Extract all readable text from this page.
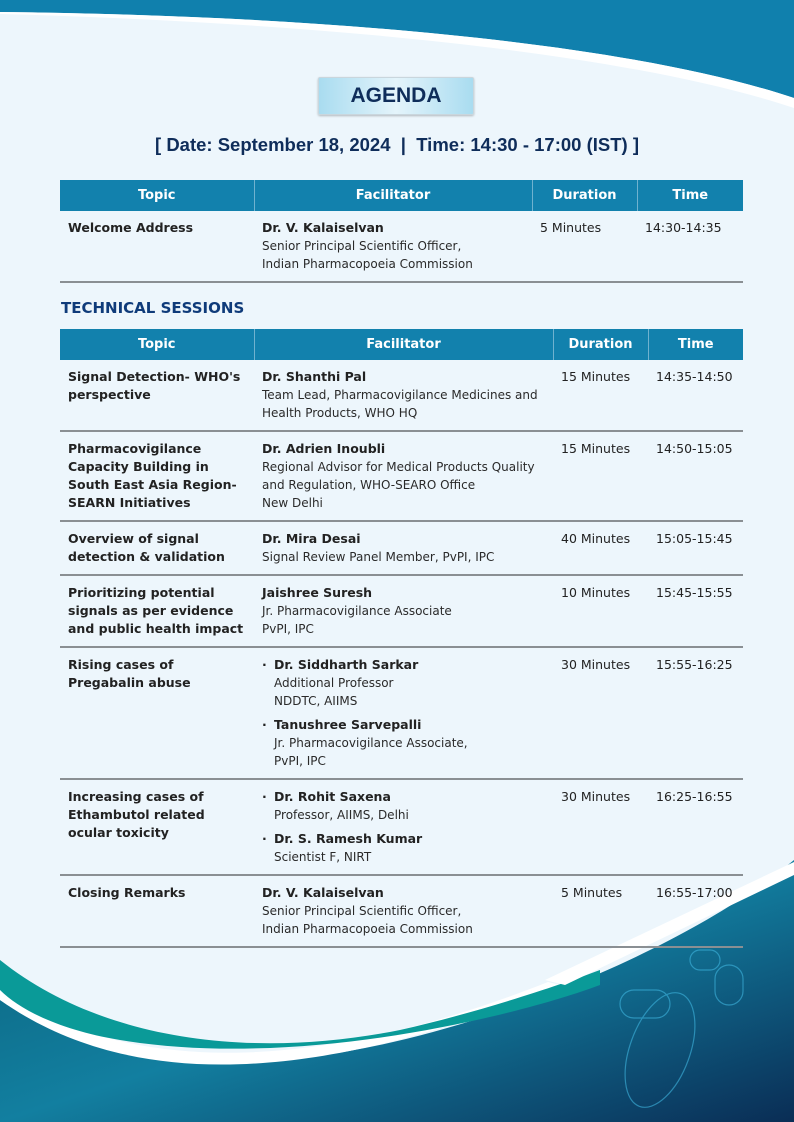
AGENDA
[ Date: September 18, 2024  |  Time: 14:30 - 17:00 (IST) ]
Topic	Facilitator	Duration	Time
Welcome Address	Dr. V. Kalaiselvan
Senior Principal Scientific Officer,
Indian Pharmacopoeia Commission	5 Minutes	14:30-14:35
TECHNICAL SESSIONS
Topic	Facilitator	Duration	Time
Signal Detection- WHO's perspective	Dr. Shanthi Pal
Team Lead, Pharmacovigilance Medicines and
Health Products, WHO HQ	15 Minutes	14:35-14:50
Pharmacovigilance Capacity Building in South East Asia Region-SEARN Initiatives	Dr. Adrien Inoubli
Regional Advisor for Medical Products Quality
and Regulation, WHO-SEARO Office
New Delhi	15 Minutes	14:50-15:05
Overview of signal detection & validation	Dr. Mira Desai
Signal Review Panel Member, PvPI, IPC	40 Minutes	15:05-15:45
Prioritizing potential signals as per evidence and public health impact	Jaishree Suresh
Jr. Pharmacovigilance Associate
PvPI, IPC	10 Minutes	15:45-15:55
Rising cases of Pregabalin abuse	
· Dr. Siddharth Sarkar
Additional Professor
NDDTC, AIIMS
· Tanushree Sarvepalli
Jr. Pharmacovigilance Associate,
PvPI, IPC
	30 Minutes	15:55-16:25
Increasing cases of Ethambutol related ocular toxicity	
· Dr. Rohit Saxena
Professor, AIIMS, Delhi
· Dr. S. Ramesh Kumar
Scientist F, NIRT
	30 Minutes	16:25-16:55
Closing Remarks	Dr. V. Kalaiselvan
Senior Principal Scientific Officer,
Indian Pharmacopoeia Commission	5 Minutes	16:55-17:00
